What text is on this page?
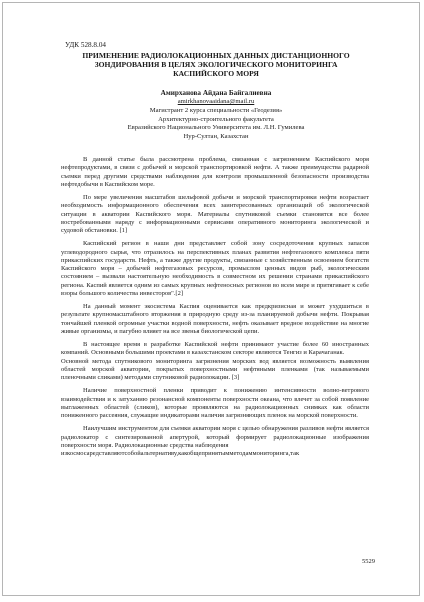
УДК 528.8.04
ПРИМЕНЕНИЕ РАДИОЛОКАЦИОННЫХ ДАННЫХ ДИСТАНЦИОННОГО
ЗОНДИРОВАНИЯ В ЦЕЛЯХ ЭКОЛОГИЧЕСКОГО МОНИТОРИНГА
КАСПИЙСКОГО МОРЯ
Амирханова Айдана Байгалиевна
amirkhanovaaidana@mail.ru
Магистрант 2 курса специальности «Геодезия»
Архитектурно-строительного факультета
Евразийского Национального Университета им. Л.Н. Гумилева
Нур-Султан, Казахстан

В данной статье была рассмотрена проблема, связанная с загрязнением Каспийского моря нефтепродуктами, в связи с добычей и морской транспортировкой нефти. А также преимущества радарной съемки перед другими средствами наблюдения для контроля промышленной безопасности производства нефтедобычи в Каспийском море.

По мере увеличения масштабов шельфовой добычи и морской транспортировки нефти возрастает необходимость информационного обеспечения всех заинтересованных организаций об экологической ситуации в акватории Каспийского моря. Материалы спутниковой съемки становятся все более востребованными наряду с информационными сервисами оперативного мониторинга экологической и судовой обстановки. [1]

Каспийский регион в наши дни представляет собой зону сосредоточения крупных запасов углеводородного сырья, что отразилось на перспективных планах развития нефтегазового комплекса пяти прикаспийских государств. Нефть, а также другие продукты, связанные с хозяйственным освоением богатств Каспийского моря – добычей нефтегазовых ресурсов, промыслом ценных видов рыб, экологическим состоянием – вызвали настоятельную необходимость в совместном их решении странами прикаспийского региона. Каспий является одним из самых крупных нефтеносных регионов во всем мире и притягивает к себе взоры большого количества инвесторов".[2]

На данный момент экосистема Каспия оценивается как предкризисная и может ухудшиться в результате крупномасштабного вторжения в природную среду из-за планируемой добычи нефти. Покрывая тончайшей пленкой огромные участки водной поверхности, нефть оказывает вредное воздействие на многие живые организмы, и пагубно влияет на все звенья биологической цепи.

В настоящее время в разработке Каспийской нефти принимают участие более 60 иностранных компаний. Основными большими проектами в казахстанском секторе являются Тенгиз и Карачаганак.

Основной метода спутникового мониторинга загрязнения морских вод является возможность выявления областей морской акватории, покрытых поверхностными нефтяными пленками (так называемыми пленочными сликами) методами спутниковой радиолокации. [3]

Наличие поверхностной пленки приводит к понижению интенсивности волно-ветрового взаимодействия и к затуханию резонансной компоненты поверхности океана, что влечет за собой появление выглаженных областей (сликов), которые проявляются на радиолокационных снимках как области пониженного рассеяния, служащие индикаторами наличия загрязняющих пленок на морской поверхности.

Наилучшим инструментом для съемки акватории моря с целью обнаружения разливов нефти является радиолокатор с синтезированной апертурой, который формирует радиолокационные изображения поверхности моря. Радиолокационные средства наблюдения

изкосмосаредставляютсобойальтернативу,какобщепринятымметодаммониторинга,так

5529
